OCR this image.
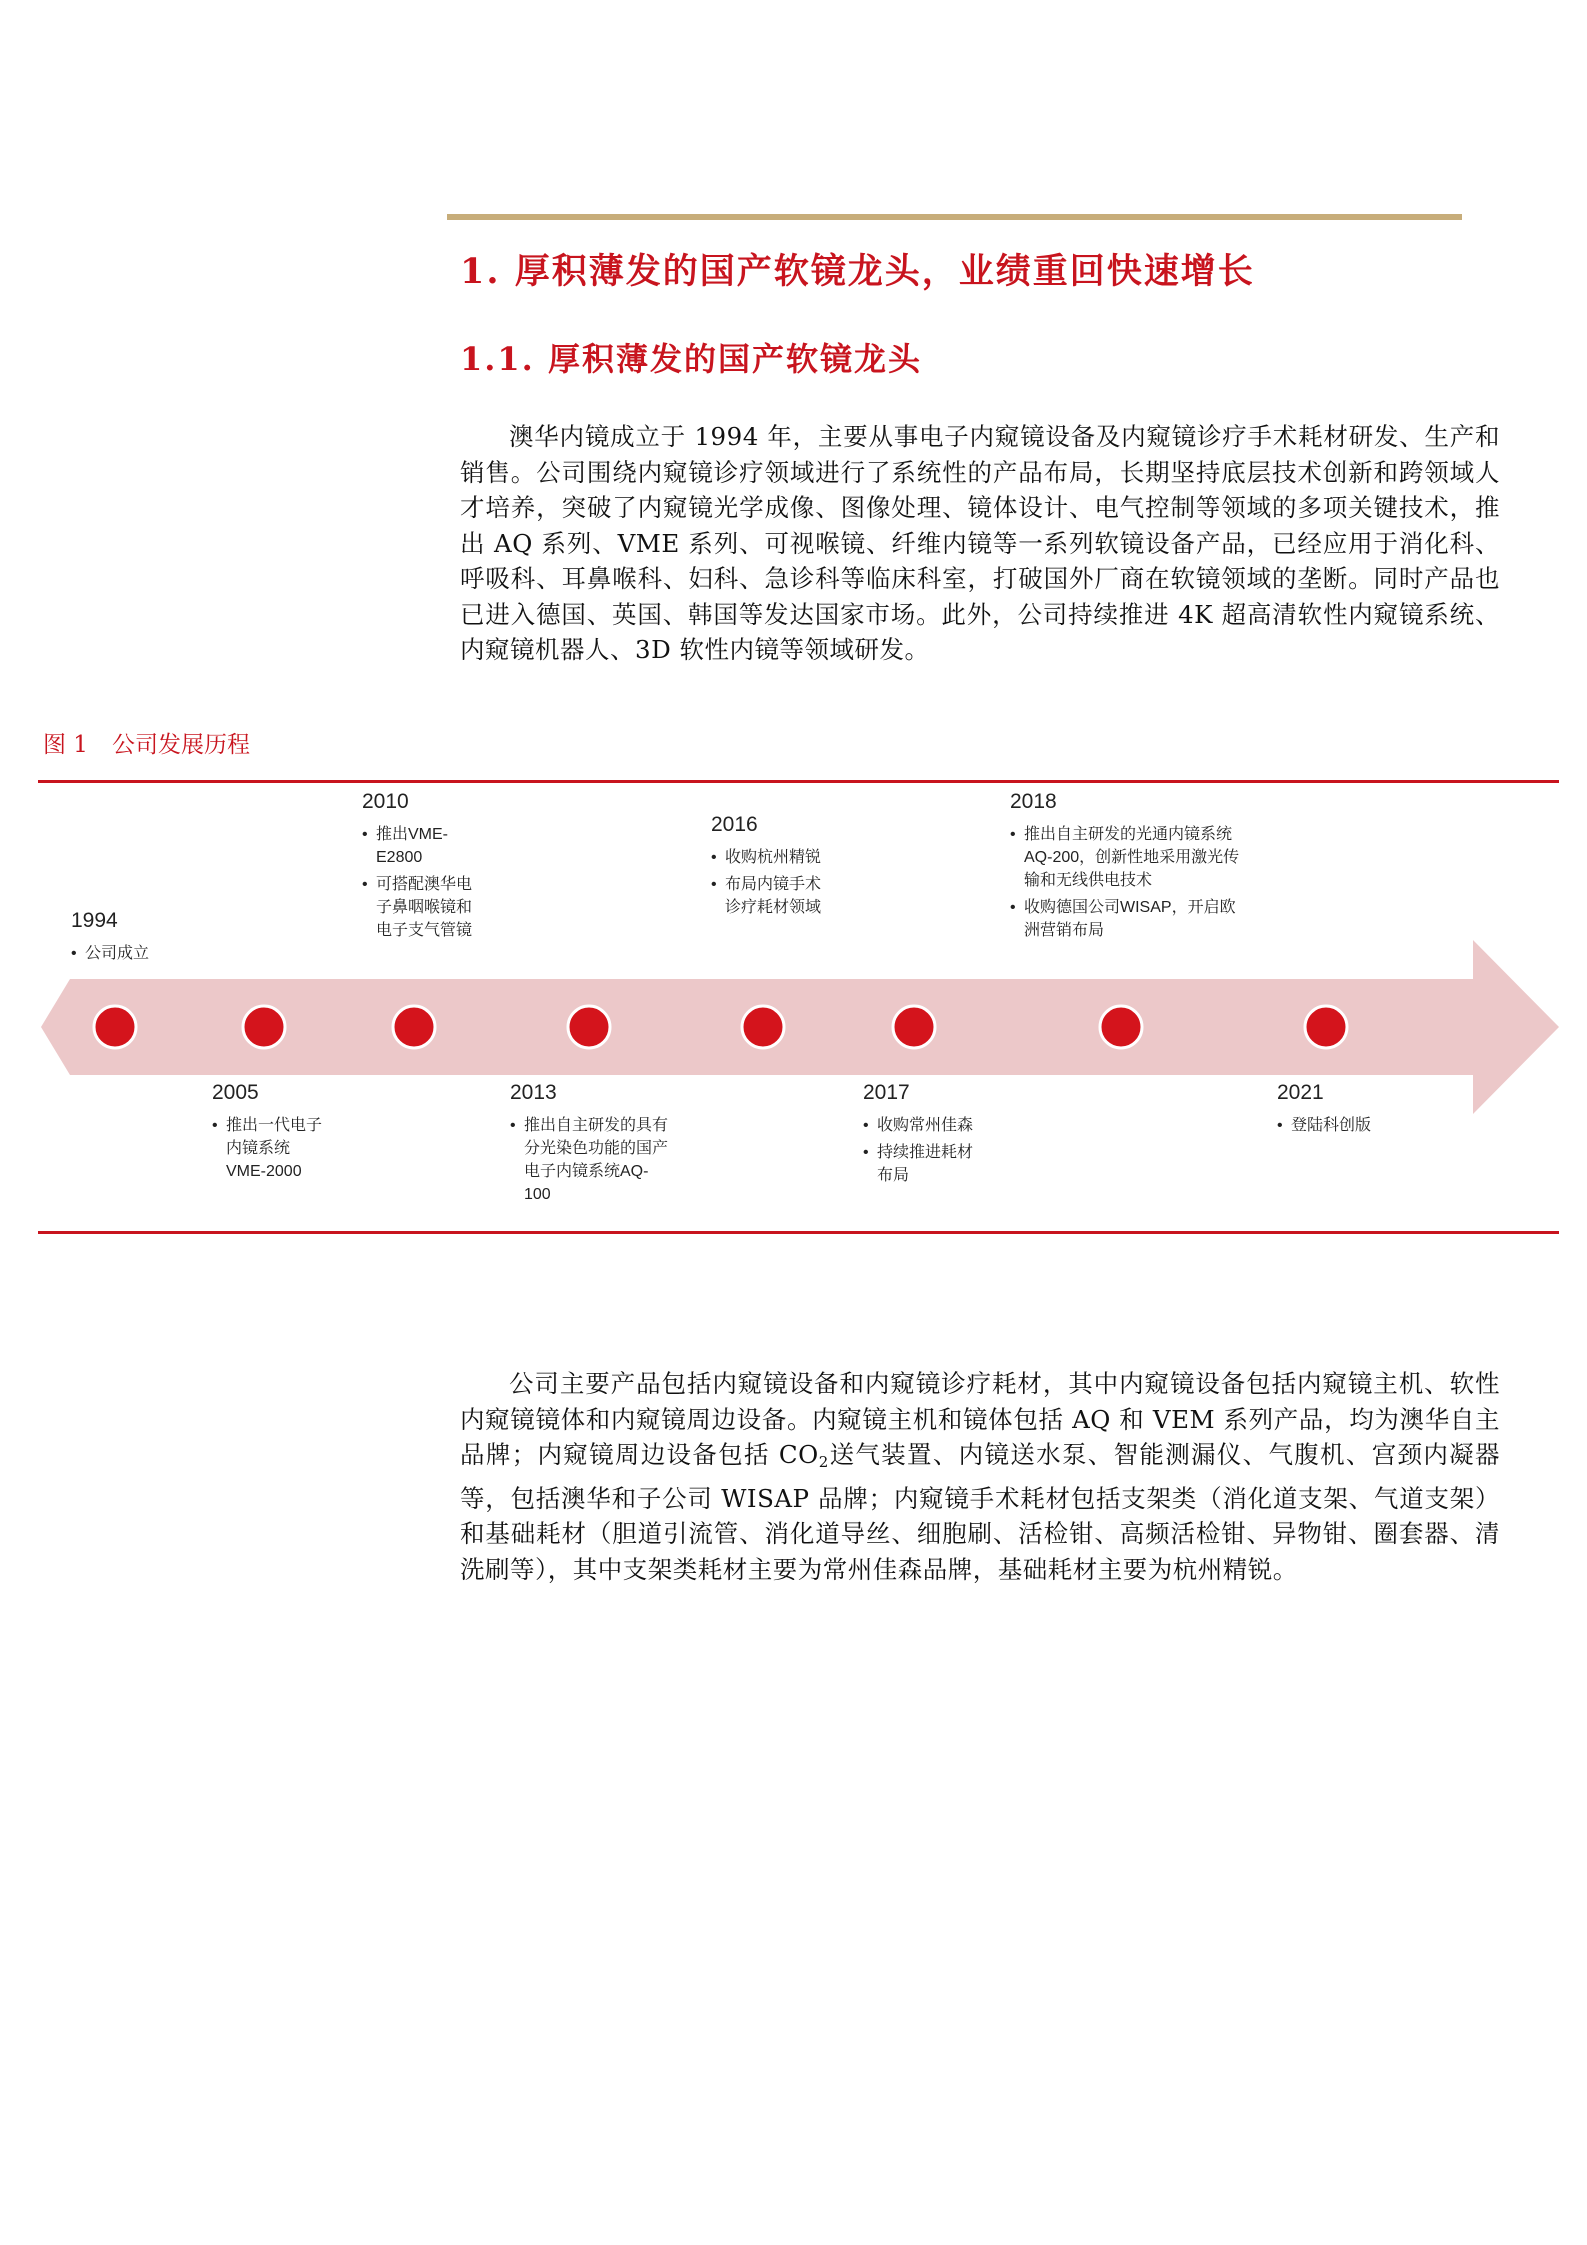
1. 厚积薄发的国产软镜龙头，业绩重回快速增长
1.1. 厚积薄发的国产软镜龙头

澳华内镜成立于 1994 年，主要从事电子内窥镜设备及内窥镜诊疗手术耗材研发、生产和销售。公司围绕内窥镜诊疗领域进行了系统性的产品布局，长期坚持底层技术创新和跨领域人才培养，突破了内窥镜光学成像、图像处理、镜体设计、电气控制等领域的多项关键技术，推出 AQ 系列、VME 系列、可视喉镜、纤维内镜等一系列软镜设备产品，已经应用于消化科、呼吸科、耳鼻喉科、妇科、急诊科等临床科室，打破国外厂商在软镜领域的垄断。同时产品也已进入德国、英国、韩国等发达国家市场。此外，公司持续推进 4K 超高清软性内窥镜系统、内窥镜机器人、3D 软性内镜等领域研发。

图 1 公司发展历程
1994
• 公司成立
2010
• 推出VME-E2800
• 可搭配澳华电子鼻咽喉镜和电子支气管镜
2016
• 收购杭州精锐
• 布局内镜手术诊疗耗材领域
2018
• 推出自主研发的光通内镜系统AQ-200，创新性地采用激光传输和无线供电技术
• 收购德国公司WISAP，开启欧洲营销布局
2005
• 推出一代电子内镜系统VME-2000
2013
• 推出自主研发的具有分光染色功能的国产电子内镜系统AQ-100
2017
• 收购常州佳森
• 持续推进耗材布局
2021
• 登陆科创版

公司主要产品包括内窥镜设备和内窥镜诊疗耗材，其中内窥镜设备包括内窥镜主机、软性内窥镜镜体和内窥镜周边设备。内窥镜主机和镜体包括 AQ 和 VEM 系列产品，均为澳华自主品牌；内窥镜周边设备包括 $CO_2$送气装置、内镜送水泵、智能测漏仪、气腹机、宫颈内凝器等，包括澳华和子公司 WISAP 品牌；内窥镜手术耗材包括支架类（消化道支架、气道支架）和基础耗材（胆道引流管、消化道导丝、细胞刷、活检钳、高频活检钳、异物钳、圈套器、清洗刷等），其中支架类耗材主要为常州佳森品牌，基础耗材主要为杭州精锐。
